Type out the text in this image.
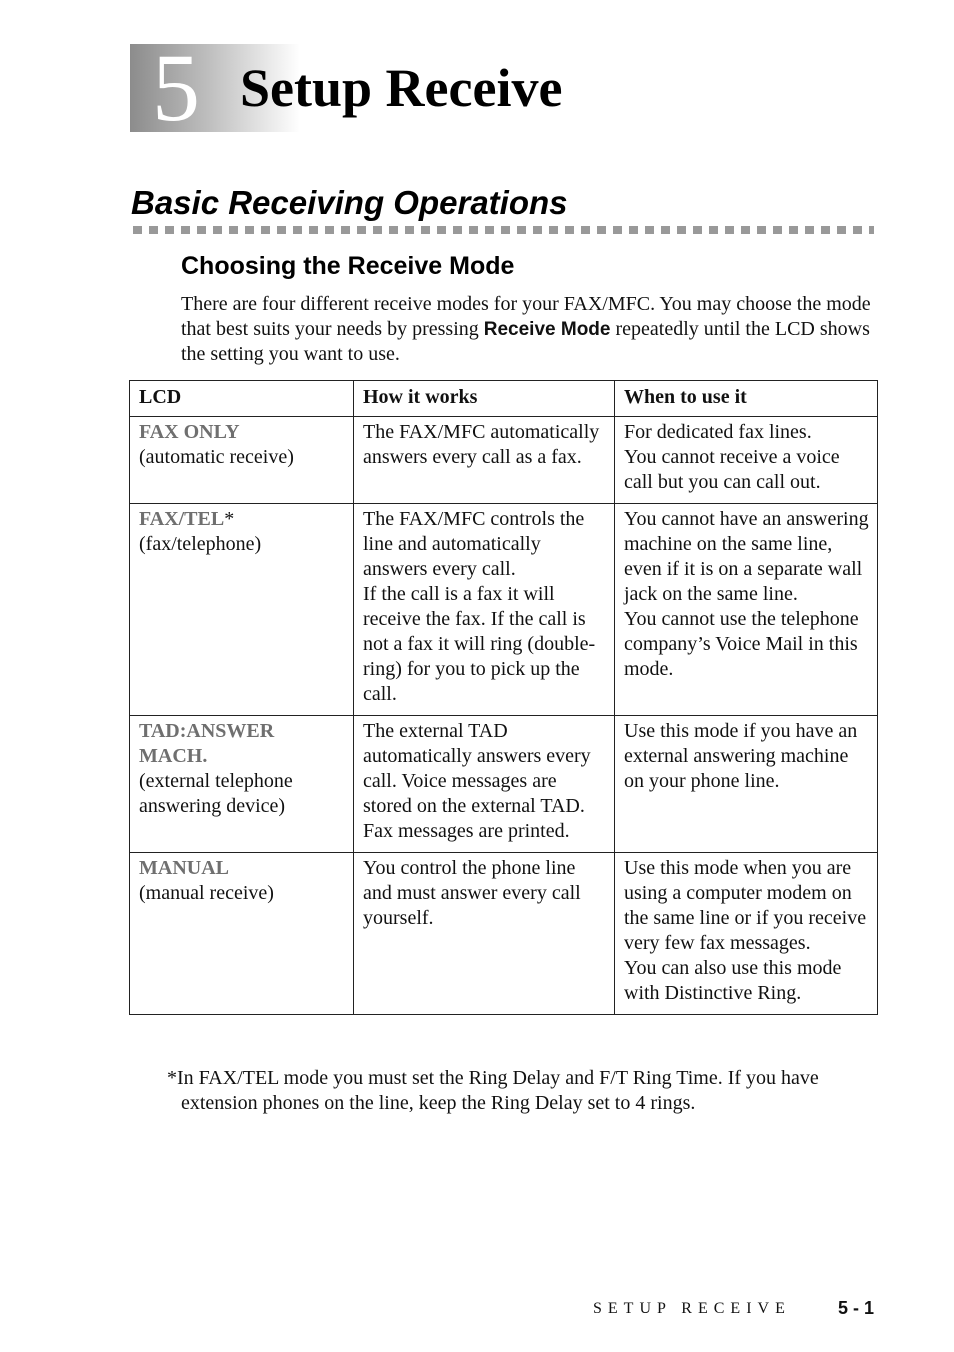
5 Setup Receive
Basic Receiving Operations
Choosing the Receive Mode

There are four different receive modes for your FAX/MFC. You may choose the mode that best suits your needs by pressing Receive Mode repeatedly until the LCD shows the setting you want to use.

LCD	How it works	When to use it

FAX ONLY
(automatic receive)	The FAX/MFC automatically answers every call as a fax.	For dedicated fax lines.
You cannot receive a voice call but you can call out.

FAX/TEL*
(fax/telephone)	The FAX/MFC controls the line and automatically answers every call.
If the call is a fax it will receive the fax. If the call is not a fax it will ring (double-ring) for you to pick up the call.	You cannot have an answering machine on the same line, even if it is on a separate wall jack on the same line.
You cannot use the telephone company’s Voice Mail in this mode.

TAD:ANSWER MACH.
(external telephone answering device)	The external TAD automatically answers every call. Voice messages are stored on the external TAD. Fax messages are printed.	Use this mode if you have an external answering machine on your phone line.

MANUAL
(manual receive)	You control the phone line and must answer every call yourself.	Use this mode when you are using a computer modem on the same line or if you receive very few fax messages.
You can also use this mode with Distinctive Ring.

*In FAX/TEL mode you must set the Ring Delay and F/T Ring Time. If you have
extension phones on the line, keep the Ring Delay set to 4 rings.

SETUP RECEIVE	5 - 1
